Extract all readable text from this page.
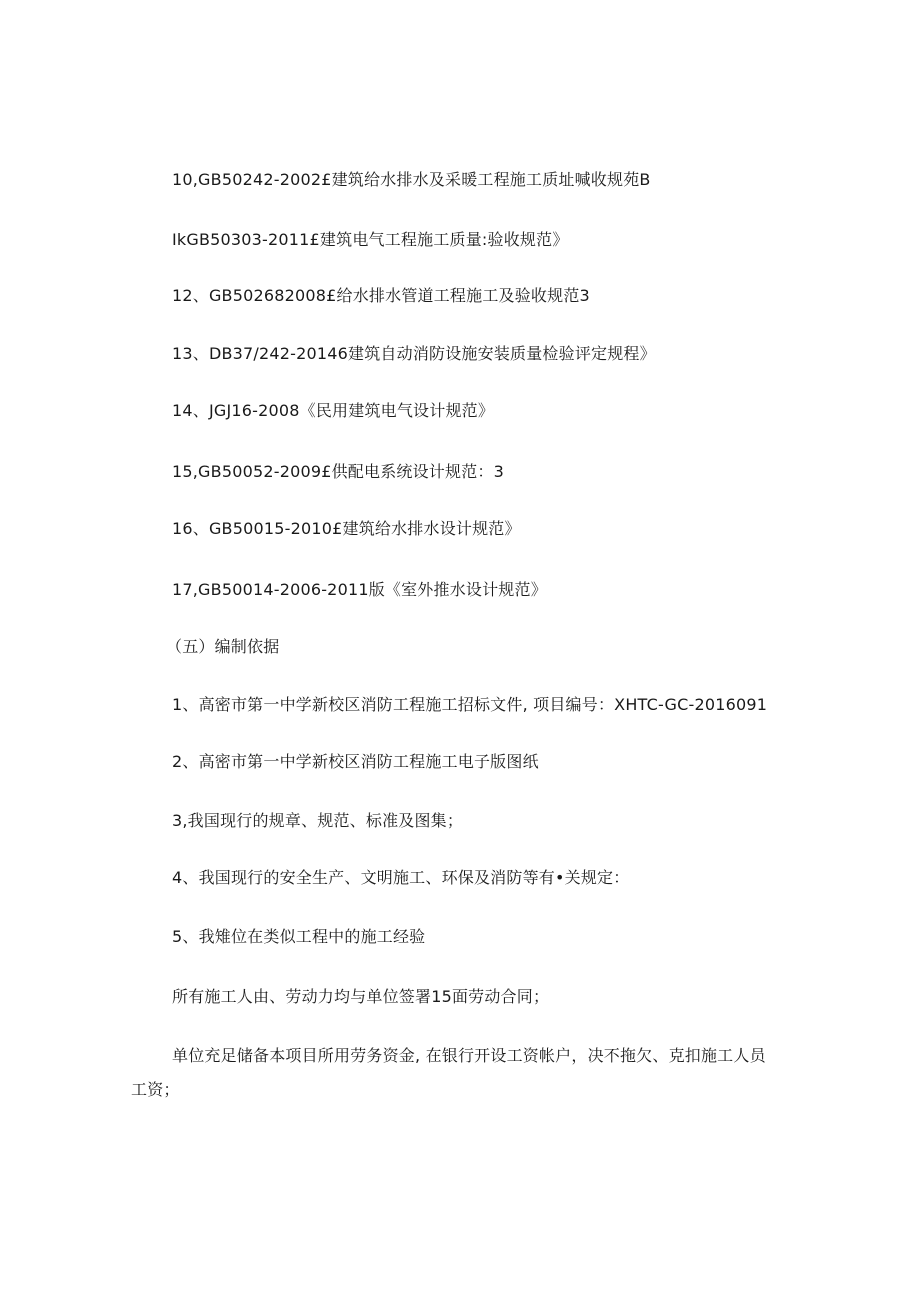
10,GB50242-2002£建筑给水排水及采暖工程施工质址喊收规苑B
IkGB50303-2011£建筑电气工程施工质量:验收规范》
12、GB502682008£给水排水管道工程施工及验收规范3
13、DB37/242-20146建筑自动消防设施安装质量检验评定规程》
14、JGJ16-2008《民用建筑电气设计规范》
15,GB50052-2009£供配电系统设计规范：3
16、GB50015-2010£建筑给水排水设计规范》
17,GB50014-2006-2011版《室外推水设计规范》
（五）编制依据
1、高密市第一中学新校区消防工程施工招标文件, 项目编号：XHTC-GC-2016091
2、高密市第一中学新校区消防工程施工电子版图纸
3,我国现行的规章、规范、标准及图集；
4、我国现行的安全生产、文明施工、环保及消防等有•关规定：
5、我雉位在类似工程中的施工经验
所有施工人由、劳动力均与单位签署15面劳动合同；
单位充足储备本项目所用劳务资金, 在银行开设工资帐户，决不拖欠、克扣施工人员
工资；
